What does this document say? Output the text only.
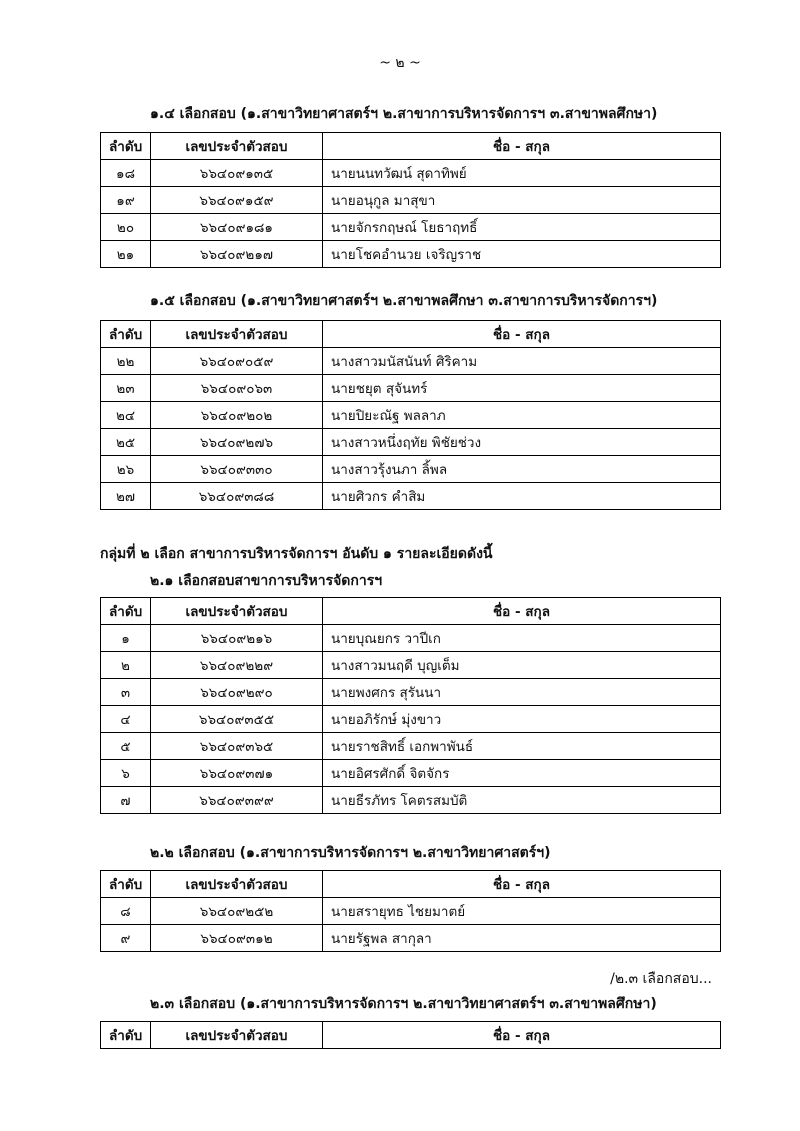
~ ๒ ~
๑.๔ เลือกสอบ (๑.สาขาวิทยาศาสตร์ฯ ๒.สาขาการบริหารจัดการฯ ๓.สาขาพลศึกษา)
ลำดับ	เลขประจำตัวสอบ	ชื่อ - สกุล
๑๘	๖๖๔๐๙๑๓๕	นายนนทวัฒน์ สุดาทิพย์
๑๙	๖๖๔๐๙๑๕๙	นายอนุกูล มาสุขา
๒๐	๖๖๔๐๙๑๘๑	นายจักรกฤษณ์ โยธาฤทธิ์
๒๑	๖๖๔๐๙๒๑๗	นายโชคอำนวย เจริญราช
๑.๕ เลือกสอบ (๑.สาขาวิทยาศาสตร์ฯ ๒.สาขาพลศึกษา ๓.สาขาการบริหารจัดการฯ)
ลำดับ	เลขประจำตัวสอบ	ชื่อ - สกุล
๒๒	๖๖๔๐๙๐๕๙	นางสาวมนัสนันท์ ศิริคาม
๒๓	๖๖๔๐๙๐๖๓	นายชยุต สุจันทร์
๒๔	๖๖๔๐๙๒๐๒	นายปิยะณัฐ พลลาภ
๒๕	๖๖๔๐๙๒๗๖	นางสาวหนึ่งฤทัย พิชัยช่วง
๒๖	๖๖๔๐๙๓๓๐	นางสาวรุ้งนภา ลิ้พล
๒๗	๖๖๔๐๙๓๘๘	นายศิวกร คำสิม
กลุ่มที่ ๒ เลือก สาขาการบริหารจัดการฯ อันดับ ๑ รายละเอียดดังนี้
๒.๑ เลือกสอบสาขาการบริหารจัดการฯ
ลำดับ	เลขประจำตัวสอบ	ชื่อ - สกุล
๑	๖๖๔๐๙๒๑๖	นายบุณยกร วาปีเก
๒	๖๖๔๐๙๒๒๙	นางสาวมนฤดี บุญเต็ม
๓	๖๖๔๐๙๒๙๐	นายพงศกร สุรันนา
๔	๖๖๔๐๙๓๕๕	นายอภิรักษ์ มุ่งขาว
๕	๖๖๔๐๙๓๖๕	นายราชสิทธิ์ เอกพาพันธ์
๖	๖๖๔๐๙๓๗๑	นายอิศรศักดิ์ จิตจักร
๗	๖๖๔๐๙๓๙๙	นายธีรภัทร โคตรสมบัติ
๒.๒ เลือกสอบ (๑.สาขาการบริหารจัดการฯ ๒.สาขาวิทยาศาสตร์ฯ)
ลำดับ	เลขประจำตัวสอบ	ชื่อ - สกุล
๘	๖๖๔๐๙๒๕๒	นายสรายุทธ ไชยมาตย์
๙	๖๖๔๐๙๓๑๒	นายรัฐพล สากุลา
/๒.๓ เลือกสอบ...
๒.๓ เลือกสอบ (๑.สาขาการบริหารจัดการฯ ๒.สาขาวิทยาศาสตร์ฯ ๓.สาขาพลศึกษา)
ลำดับ	เลขประจำตัวสอบ	ชื่อ - สกุล
